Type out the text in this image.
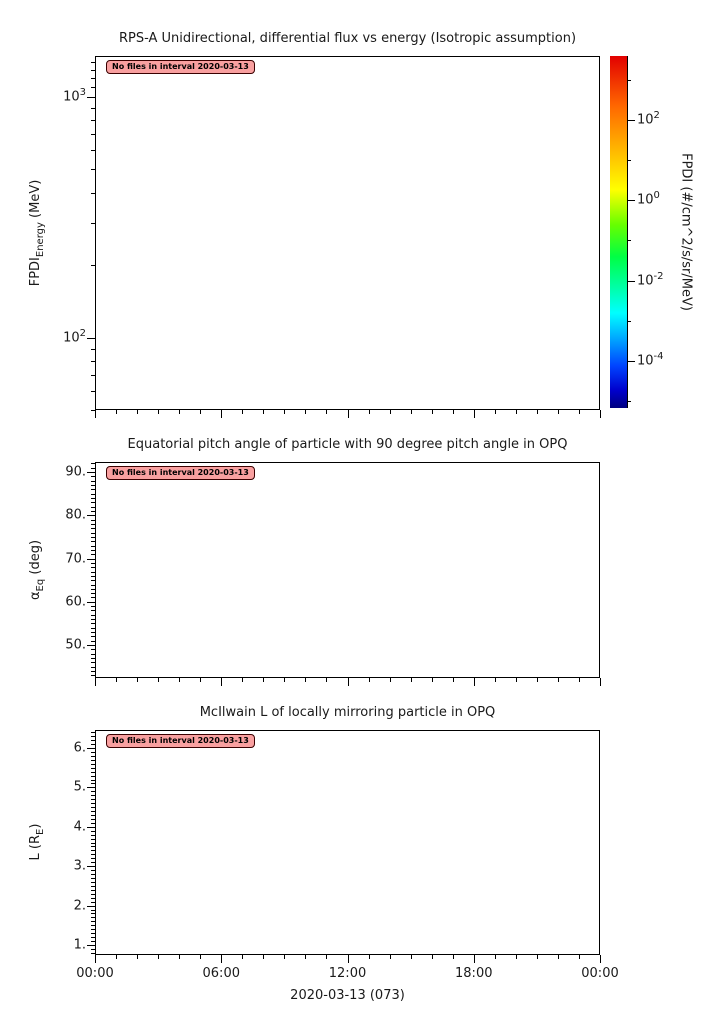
RPS-A Unidirectional, differential flux vs energy (Isotropic assumption)
$FPDI_{Energy}$ (MeV)
No files in interval 2020-03-13
Equatorial pitch angle of particle with 90 degree pitch angle in OPQ
$\alpha_{Eq}$ (deg)
No files in interval 2020-03-13
McIlwain L of locally mirroring particle in OPQ
L $(R_E)$
No files in interval 2020-03-13
2020-03-13 (073)
FPDI (#/cm^2/s/sr/MeV)
$10^3$
$10^2$
90.
80.
70.
60.
50.
6.
5.
4.
3.
2.
1.
00:00	06:00	12:00	18:00	00:00
$10^2$
$10^0$
$10^{-2}$
$10^{-4}$
